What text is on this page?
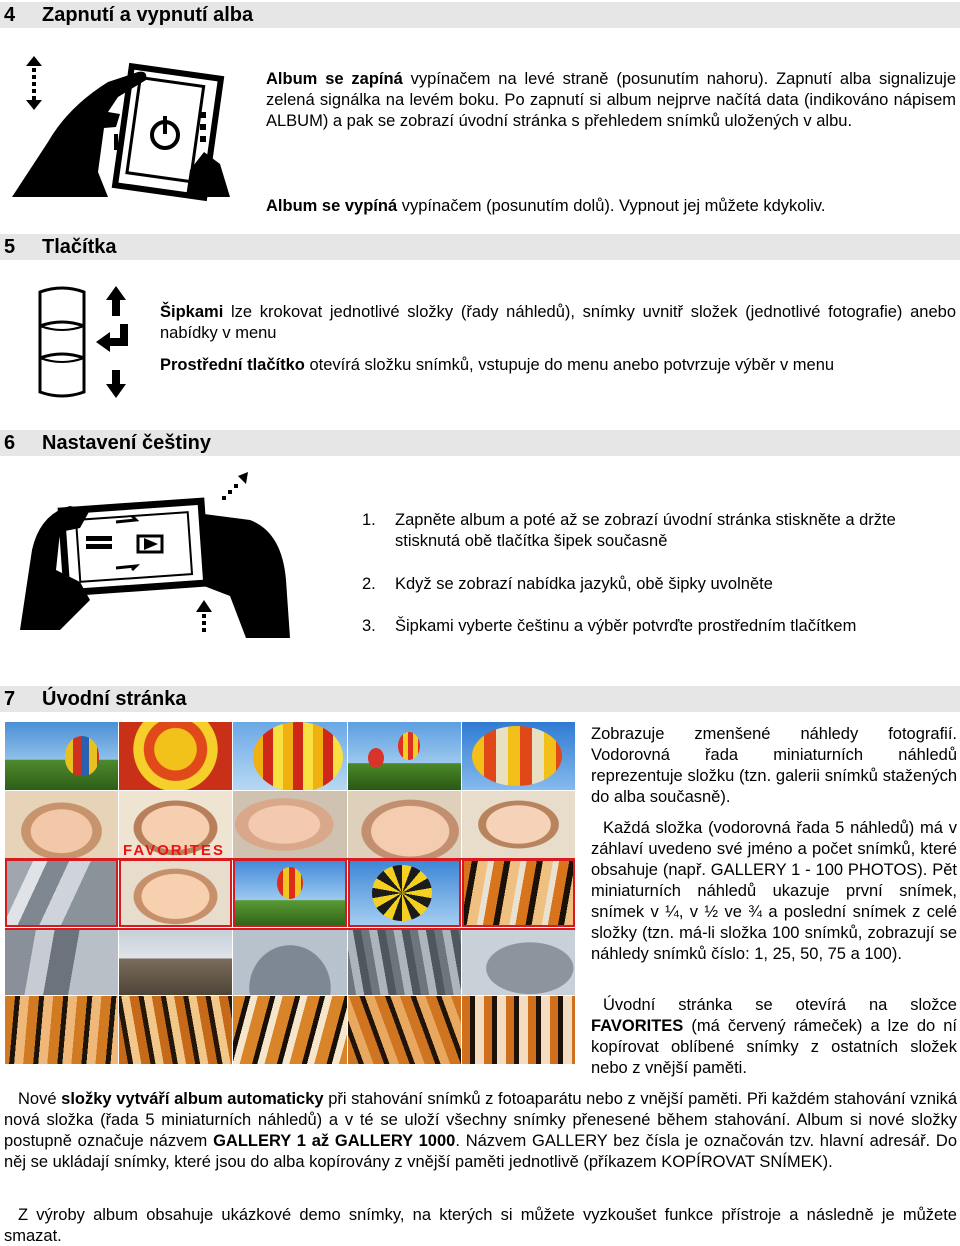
4	Zapnutí a vypnutí alba
Album se zapíná vypínačem na levé straně (posunutím nahoru). Zapnutí alba signalizuje zelená signálka na levém boku. Po zapnutí si album nejprve načítá data (indikováno nápisem ALBUM) a pak se zobrazí úvodní stránka s přehledem snímků uložených v albu.
Album se vypíná vypínačem (posunutím dolů). Vypnout jej můžete kdykoliv.
5	Tlačítka
Šipkami lze krokovat jednotlivé složky (řady náhledů), snímky uvnitř složek (jednotlivé fotografie) anebo nabídky v menu
Prostřední tlačítko otevírá složku snímků, vstupuje do menu anebo potvrzuje výběr v menu
6	Nastavení češtiny
1.	Zapněte album a poté až se zobrazí úvodní stránka stiskněte a držte stisknutá obě tlačítka šipek současně
2.	Když se zobrazí nabídka jazyků, obě šipky uvolněte
3.	Šipkami vyberte češtinu a výběr potvrďte prostředním tlačítkem
7	Úvodní stránka
FAVORITES
Zobrazuje zmenšené náhledy fotografií. Vodorovná řada miniaturních náhledů reprezentuje složku (tzn. galerii snímků stažených do alba současně).
Každá složka (vodorovná řada 5 náhledů) má v záhlaví uvedeno své jméno a počet snímků, které obsahuje (např. GALLERY 1 - 100 PHOTOS). Pět miniaturních náhledů ukazuje první snímek, snímek v ¼, v ½ ve ¾ a poslední snímek z celé složky (tzn. má-li složka 100 snímků, zobrazují se náhledy snímků číslo: 1, 25, 50, 75 a 100).
Úvodní stránka se otevírá na složce FAVORITES (má červený rámeček) a lze do ní kopírovat oblíbené snímky z ostatních složek nebo z vnější paměti.
Nové složky vytváří album automaticky při stahování snímků z fotoaparátu nebo z vnější paměti. Při každém stahování vzniká nová složka (řada 5 miniaturních náhledů) a v té se uloží všechny snímky přenesené během stahování. Album si nové složky postupně označuje názvem GALLERY 1 až GALLERY 1000. Názvem GALLERY bez čísla je označován tzv. hlavní adresář. Do něj se ukládají snímky, které jsou do alba kopírovány z vnější paměti jednotlivě (příkazem KOPÍROVAT SNÍMEK).
Z výroby album obsahuje ukázkové demo snímky, na kterých si můžete vyzkoušet funkce přístroje a následně je můžete smazat.
